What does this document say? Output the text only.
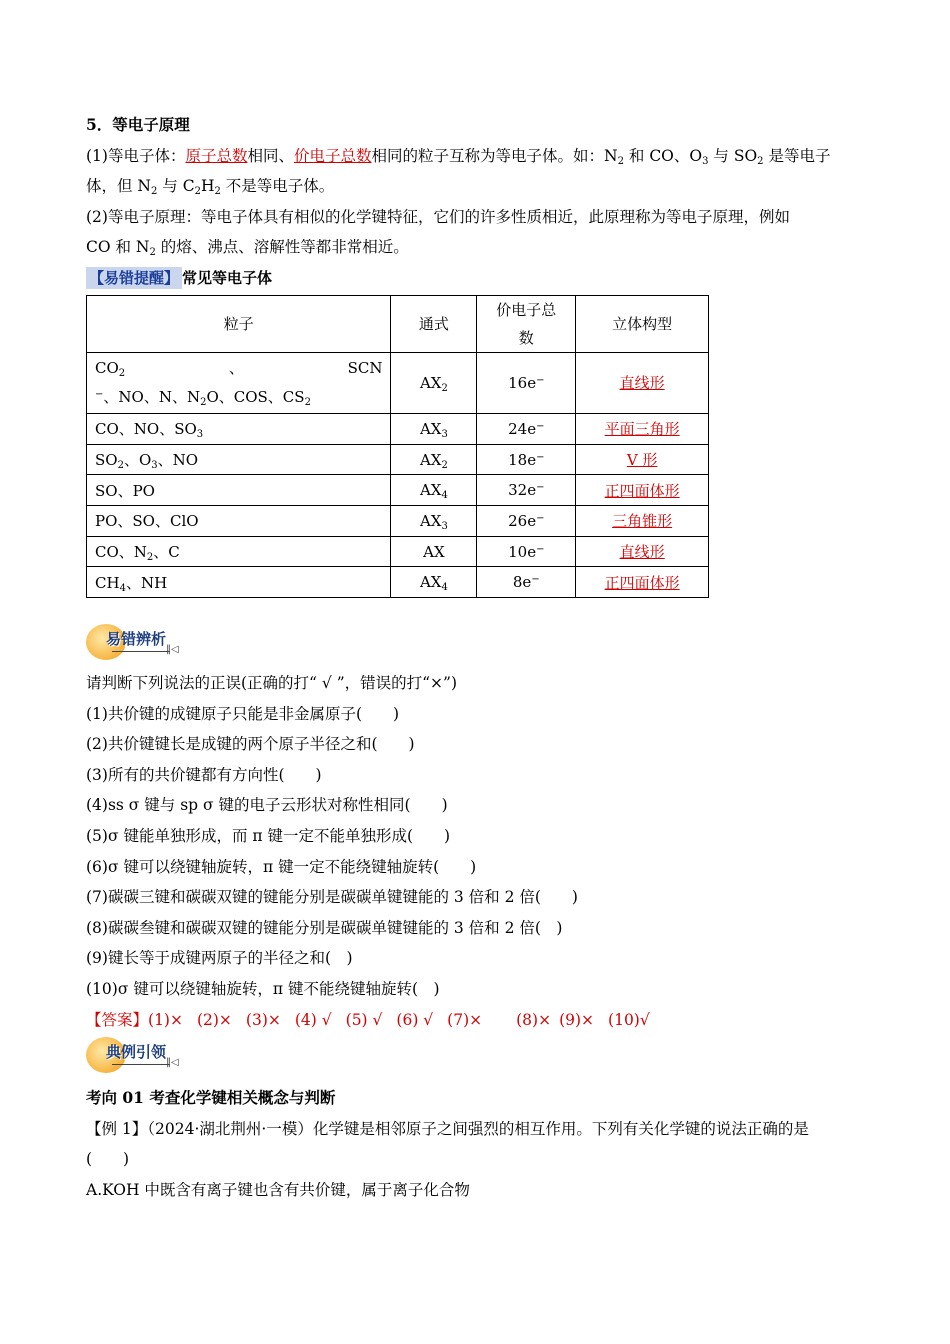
5．等电子原理

(1)等电子体：原子总数相同、价电子总数相同的粒子互称为等电子体。如：$N_2$ 和 CO、$O_3$ 与 $SO_2$ 是等电子

体，但 $N_2$ 与 $C_2H_2$ 不是等电子体。

(2)等电子原理：等电子体具有相似的化学键特征，它们的许多性质相近，此原理称为等电子原理，例如

CO 和 $N_2$ 的熔、沸点、溶解性等都非常相近。

【易错提醒】 常见等电子体
粒子	通式	价电子总
数	立体构型

$CO_2$ 、 SCN
−、NO、N、$N_2O$、COS、$CS_2$	$AX_2$	16e−	直线形
CO、NO、$SO_3$	$AX_3$	24e−	平面三角形
$SO_2$、$O_3$、NO	$AX_2$	18e−	V 形
SO、PO	$AX_4$	32e−	正四面体形
PO、SO、ClO	$AX_3$	26e−	三角锥形
CO、$N_2$、C	AX	10e−	直线形
$CH_4$、NH	$AX_4$	8e−	正四面体形
易错辨析
‖◁

请判断下列说法的正误(正确的打“ √ ”，错误的打“×”)

(1)共价键的成键原子只能是非金属原子(　　)

(2)共价键键长是成键的两个原子半径之和(　　)

(3)所有的共价键都有方向性(　　)

(4)ss σ 键与 sp σ 键的电子云形状对称性相同(　　)

(5)σ 键能单独形成，而 π 键一定不能单独形成(　　)

(6)σ 键可以绕键轴旋转，π 键一定不能绕键轴旋转(　　)

(7)碳碳三键和碳碳双键的键能分别是碳碳单键键能的 3 倍和 2 倍(　　)

(8)碳碳叁键和碳碳双键的键能分别是碳碳单键键能的 3 倍和 2 倍(　)

(9)键长等于成键两原子的半径之和(　)

(10)σ 键可以绕键轴旋转，π 键不能绕键轴旋转(　)

【答案】(1)× (2)× (3)× (4) √ (5) √ (6) √ (7)× (8)× (9)× (10)√

典例引领
‖◁

考向 01 考查化学键相关概念与判断

【例 1】（2024·湖北荆州·一模）化学键是相邻原子之间强烈的相互作用。下列有关化学键的说法正确的是

(　　)

A.KOH 中既含有离子键也含有共价键，属于离子化合物
